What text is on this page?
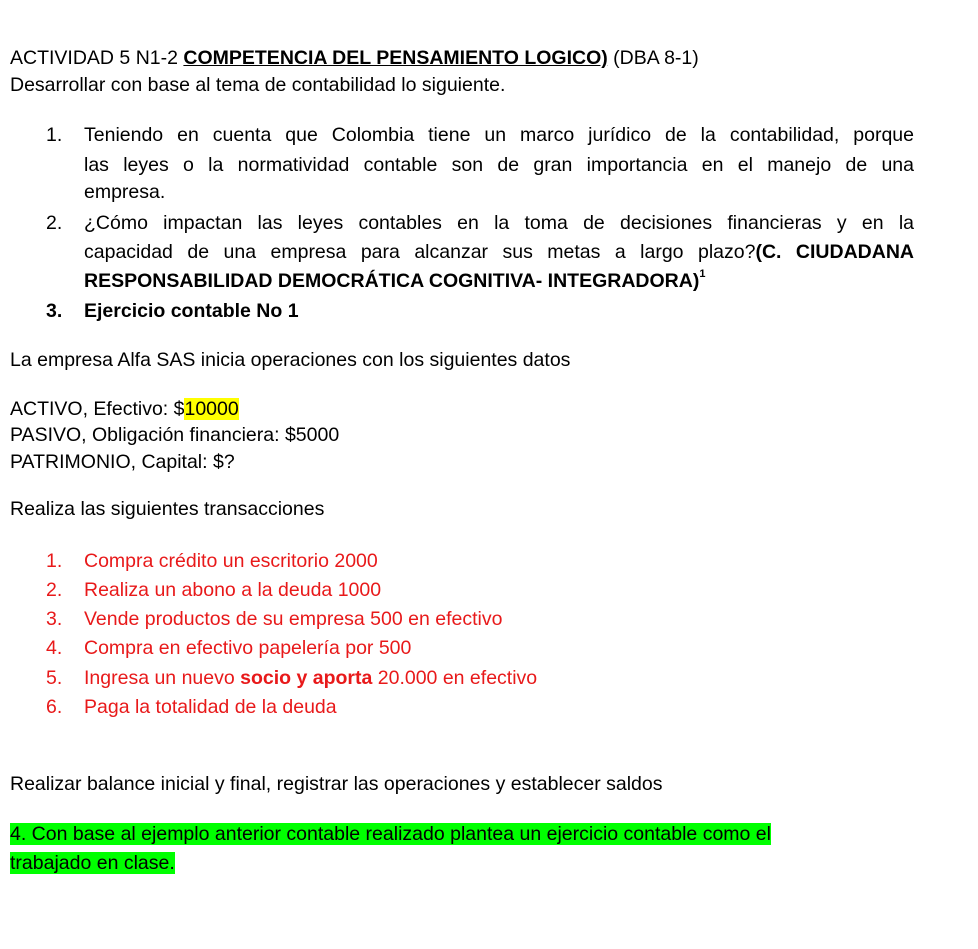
ACTIVIDAD 5 N1-2 COMPETENCIA DEL PENSAMIENTO LOGICO) (DBA 8-1)
Desarrollar con base al tema de contabilidad lo siguiente.
1. Teniendo en cuenta que Colombia tiene un marco jurídico de la contabilidad, porque
las leyes o la normatividad contable son de gran importancia en el manejo de una
empresa.
2. ¿Cómo impactan las leyes contables en la toma de decisiones financieras y en la
capacidad de una empresa para alcanzar sus metas a largo plazo?(C. CIUDADANA
RESPONSABILIDAD DEMOCRÁTICA COGNITIVA- INTEGRADORA)$^1$
3. Ejercicio contable No 1
La empresa Alfa SAS inicia operaciones con los siguientes datos
ACTIVO, Efectivo: $10000
PASIVO, Obligación financiera: $5000
PATRIMONIO, Capital: $?
Realiza las siguientes transacciones
1. Compra crédito un escritorio 2000
2. Realiza un abono a la deuda 1000
3. Vende productos de su empresa 500 en efectivo
4. Compra en efectivo papelería por 500
5. Ingresa un nuevo socio y aporta 20.000 en efectivo
6. Paga la totalidad de la deuda
Realizar balance inicial y final, registrar las operaciones y establecer saldos
4. Con base al ejemplo anterior contable realizado plantea un ejercicio contable como el
trabajado en clase.
